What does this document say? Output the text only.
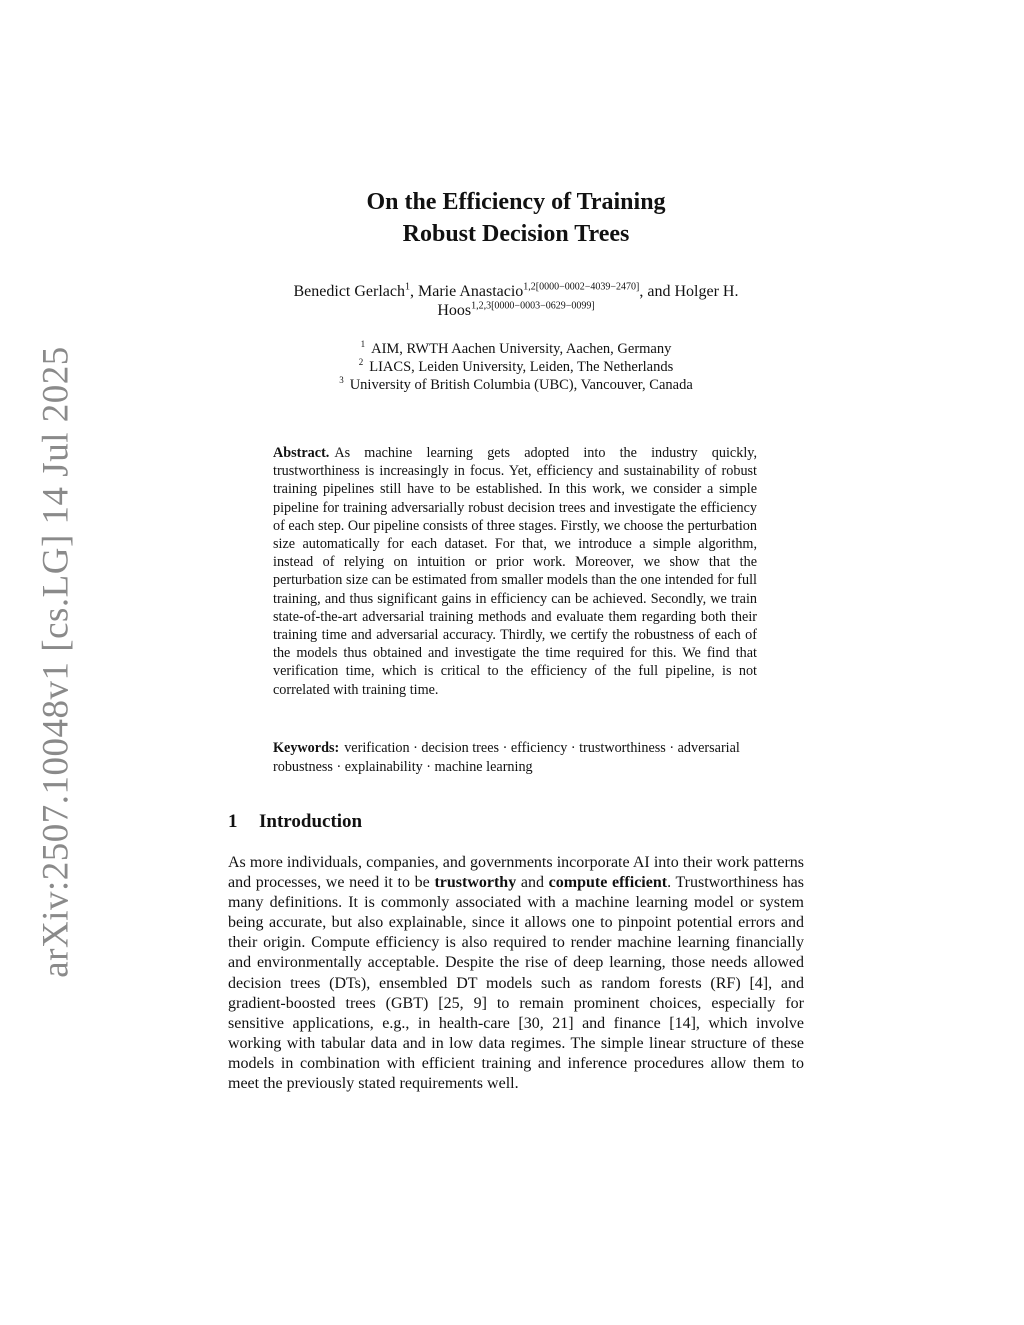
arXiv:2507.10048v1 [cs.LG] 14 Jul 2025
On the Efficiency of Training
Robust Decision Trees
Benedict Gerlach$^1$, Marie Anastacio$^{1,2[0000-0002-4039-2470]}$, and Holger H. Hoos$^{1,2,3[0000-0003-0629-0099]}$
$^1$ AIM, RWTH Aachen University, Aachen, Germany
$^2$ LIACS, Leiden University, Leiden, The Netherlands
$^3$ University of British Columbia (UBC), Vancouver, Canada
Abstract. As machine learning gets adopted into the industry quickly, trustworthiness is increasingly in focus. Yet, efficiency and sustainability of robust training pipelines still have to be established. In this work, we consider a simple pipeline for training adversarially robust decision trees and investigate the efficiency of each step. Our pipeline consists of three stages. Firstly, we choose the perturbation size automatically for each dataset. For that, we introduce a simple algorithm, instead of relying on intuition or prior work. Moreover, we show that the perturbation size can be estimated from smaller models than the one intended for full training, and thus significant gains in efficiency can be achieved. Secondly, we train state-of-the-art adversarial training methods and evaluate them regarding both their training time and adversarial accuracy. Thirdly, we certify the robustness of each of the models thus obtained and investigate the time required for this. We find that verification time, which is critical to the efficiency of the full pipeline, is not correlated with training time.
Keywords: verification · decision trees · efficiency · trustworthiness · adversarial robustness · explainability · machine learning
1 Introduction
As more individuals, companies, and governments incorporate AI into their work patterns and processes, we need it to be trustworthy and compute efficient. Trustworthiness has many definitions. It is commonly associated with a machine learning model or system being accurate, but also explainable, since it allows one to pinpoint potential errors and their origin. Compute efficiency is also required to render machine learning financially and environmentally acceptable. Despite the rise of deep learning, those needs allowed decision trees (DTs), ensembled DT models such as random forests (RF) [4], and gradient-boosted trees (GBT) [25, 9] to remain prominent choices, especially for sensitive applications, e.g., in health-care [30, 21] and finance [14], which involve working with tabular data and in low data regimes. The simple linear structure of these models in combination with efficient training and inference procedures allow them to meet the previously stated requirements well.
